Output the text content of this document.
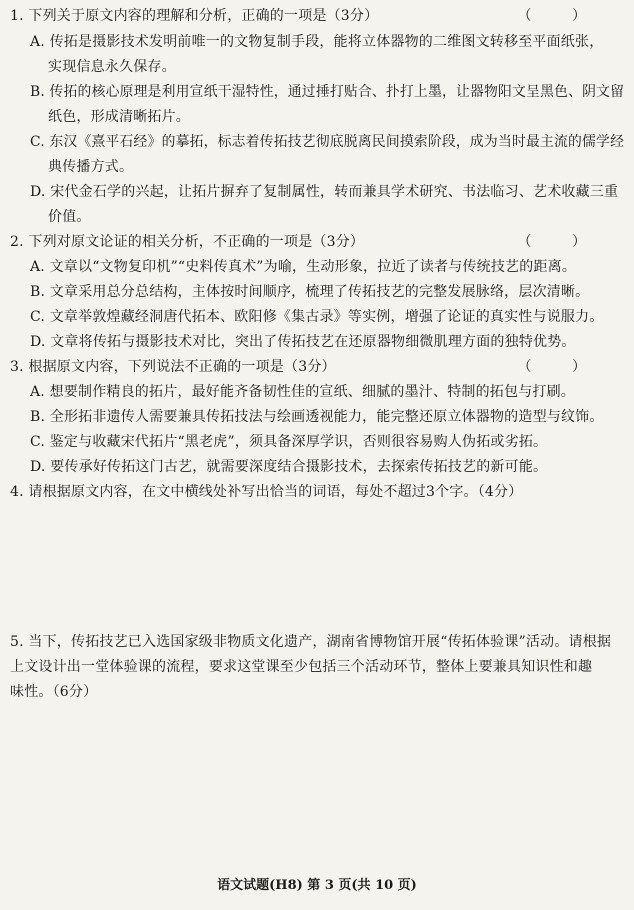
1. 下列关于原文内容的理解和分析，正确的一项是（3分）	（ ）
A. 传拓是摄影技术发明前唯一的文物复制手段，能将立体器物的二维图文转移至平面纸张，
实现信息永久保存。
B. 传拓的核心原理是利用宣纸干湿特性，通过捶打贴合、扑打上墨，让器物阳文呈黑色、阴文留
纸色，形成清晰拓片。
C. 东汉《熹平石经》的摹拓，标志着传拓技艺彻底脱离民间摸索阶段，成为当时最主流的儒学经
典传播方式。
D. 宋代金石学的兴起，让拓片摒弃了复制属性，转而兼具学术研究、书法临习、艺术收藏三重
价值。
2. 下列对原文论证的相关分析，不正确的一项是（3分）	（ ）
A. 文章以“文物复印机”“史料传真术”为喻，生动形象，拉近了读者与传统技艺的距离。
B. 文章采用总分总结构，主体按时间顺序，梳理了传拓技艺的完整发展脉络，层次清晰。
C. 文章举敦煌藏经洞唐代拓本、欧阳修《集古录》等实例，增强了论证的真实性与说服力。
D. 文章将传拓与摄影技术对比，突出了传拓技艺在还原器物细微肌理方面的独特优势。
3. 根据原文内容，下列说法不正确的一项是（3分）	（ ）
A. 想要制作精良的拓片，最好能齐备韧性佳的宣纸、细腻的墨汁、特制的拓包与打刷。
B. 全形拓非遗传人需要兼具传拓技法与绘画透视能力，能完整还原立体器物的造型与纹饰。
C. 鉴定与收藏宋代拓片“黑老虎”，须具备深厚学识，否则很容易购人伪拓或劣拓。
D. 要传承好传拓这门古艺，就需要深度结合摄影技术，去探索传拓技艺的新可能。
4. 请根据原文内容，在文中横线处补写出恰当的词语，每处不超过3个字。（4分）
5. 当下，传拓技艺已入选国家级非物质文化遗产，湖南省博物馆开展“传拓体验课”活动。请根据
上文设计出一堂体验课的流程，要求这堂课至少包括三个活动环节，整体上要兼具知识性和趣
味性。（6分）
语文试题(H8) 第 3 页(共 10 页)
